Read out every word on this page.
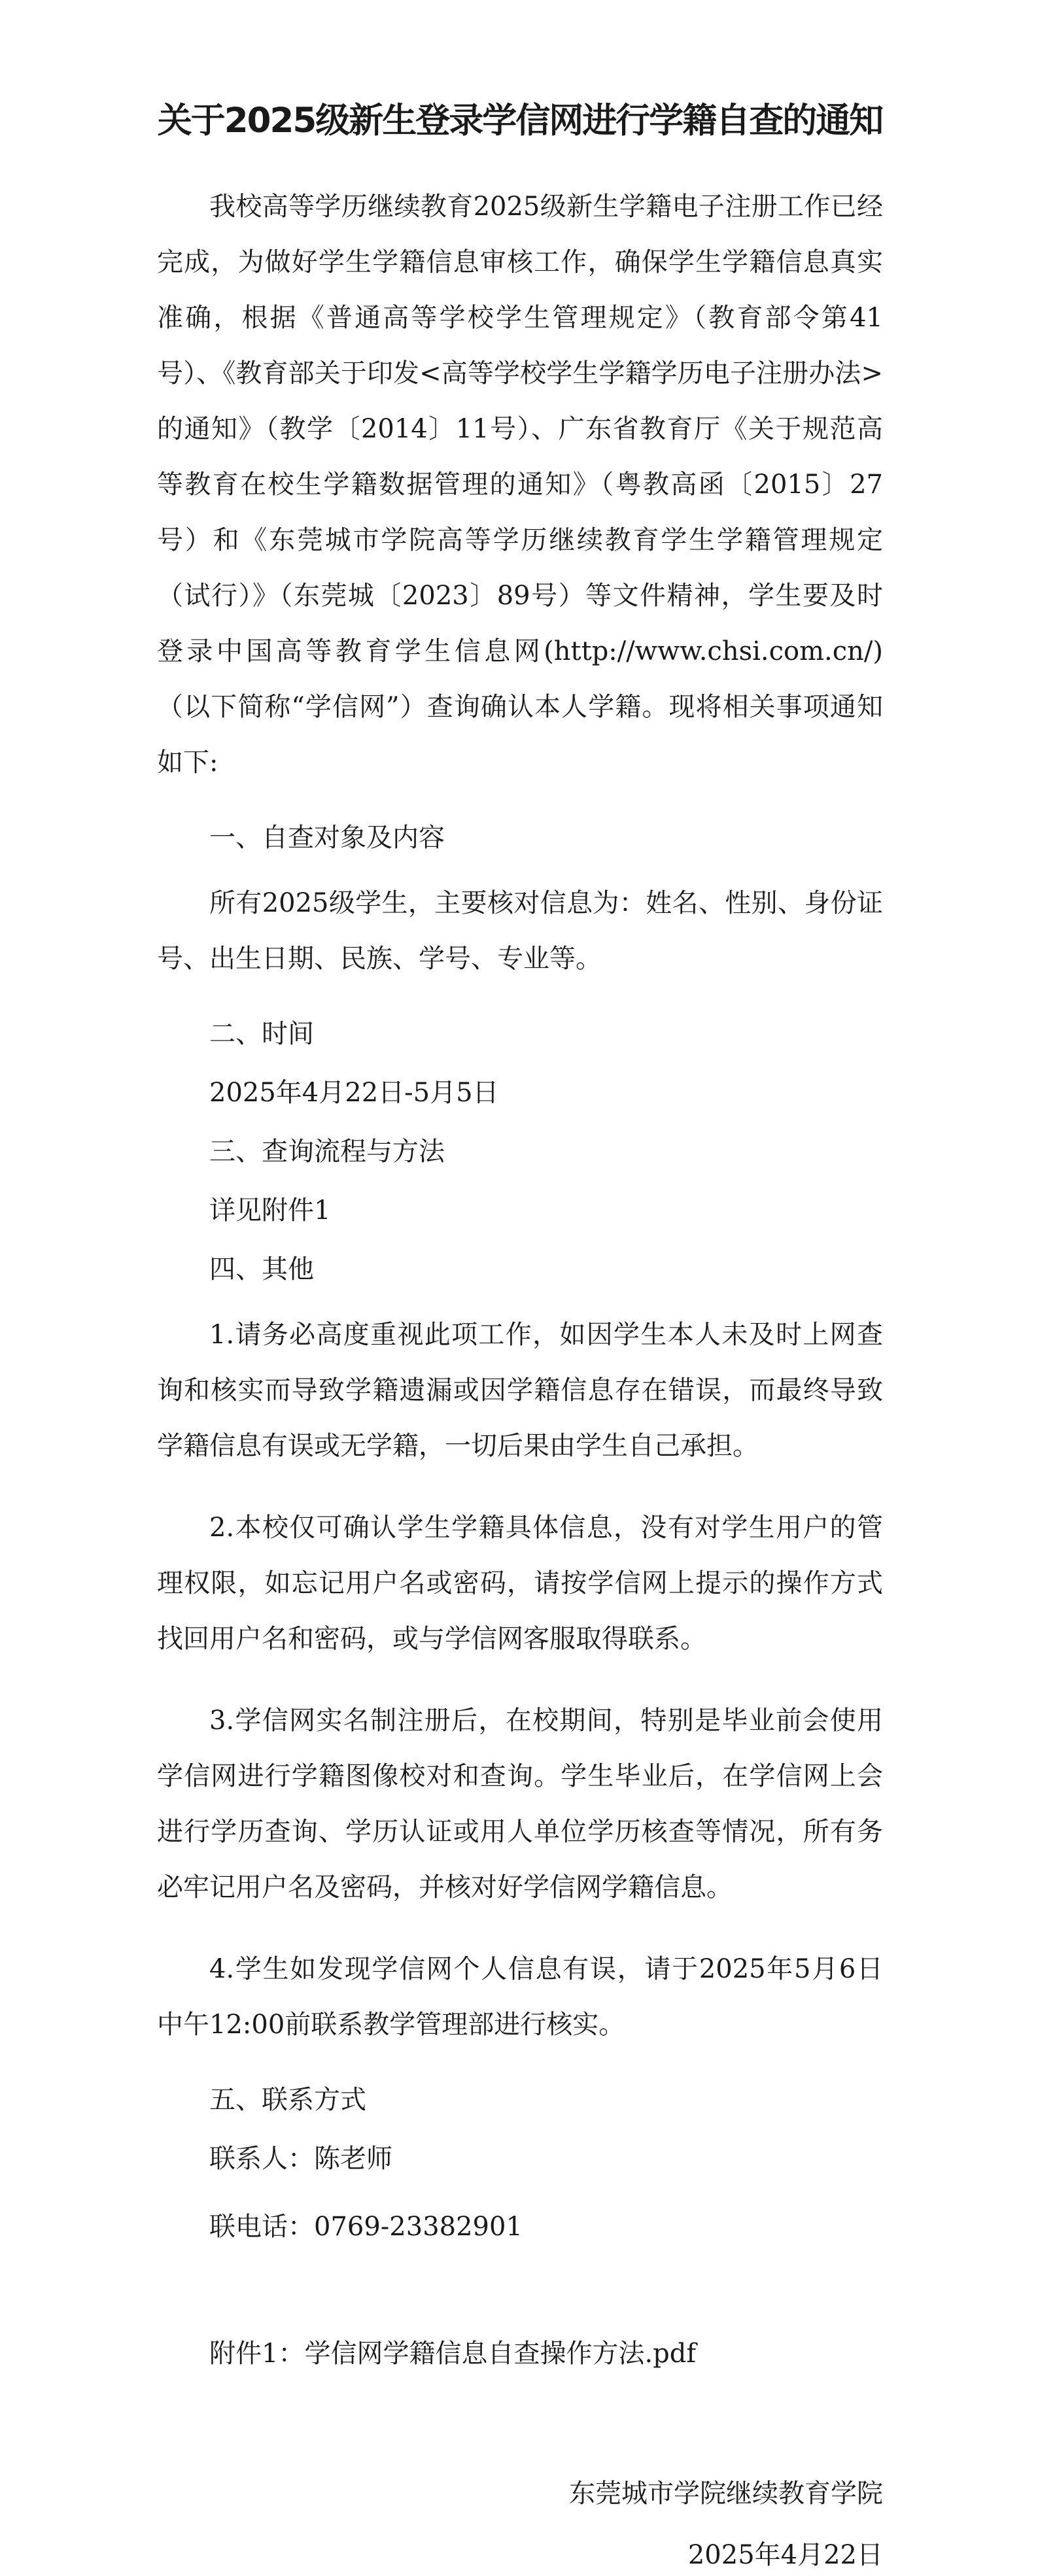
关于2025级新生登录学信网进行学籍自查的通知

我校高等学历继续教育2025级新生学籍电子注册工作已经完成，为做好学生学籍信息审核工作，确保学生学籍信息真实准确，根据《普通高等学校学生管理规定》（教育部令第41号）、《教育部关于印发<高等学校学生学籍学历电子注册办法>的通知》（教学〔2014〕11号）、广东省教育厅《关于规范高等教育在校生学籍数据管理的通知》（粤教高函〔2015〕27号）和《东莞城市学院高等学历继续教育学生学籍管理规定（试行）》（东莞城〔2023〕89号）等文件精神，学生要及时登录中国高等教育学生信息网(http://www.chsi.com.cn/)（以下简称“学信网”）查询确认本人学籍。现将相关事项通知如下:

一、自查对象及内容

所有2025级学生，主要核对信息为：姓名、性别、身份证号、出生日期、民族、学号、专业等。

二、时间
2025年4月22日-5月5日
三、查询流程与方法
详见附件1
四、其他

1.请务必高度重视此项工作，如因学生本人未及时上网查询和核实而导致学籍遗漏或因学籍信息存在错误，而最终导致学籍信息有误或无学籍，一切后果由学生自己承担。

2.本校仅可确认学生学籍具体信息，没有对学生用户的管理权限，如忘记用户名或密码，请按学信网上提示的操作方式找回用户名和密码，或与学信网客服取得联系。

3.学信网实名制注册后，在校期间，特别是毕业前会使用学信网进行学籍图像校对和查询。学生毕业后，在学信网上会进行学历查询、学历认证或用人单位学历核查等情况，所有务必牢记用户名及密码，并核对好学信网学籍信息。

4.学生如发现学信网个人信息有误，请于2025年5月6日中午12:00前联系教学管理部进行核实。

五、联系方式
联系人：陈老师
联电话：0769-23382901
附件1：学信网学籍信息自查操作方法.pdf
东莞城市学院继续教育学院
2025年4月22日
